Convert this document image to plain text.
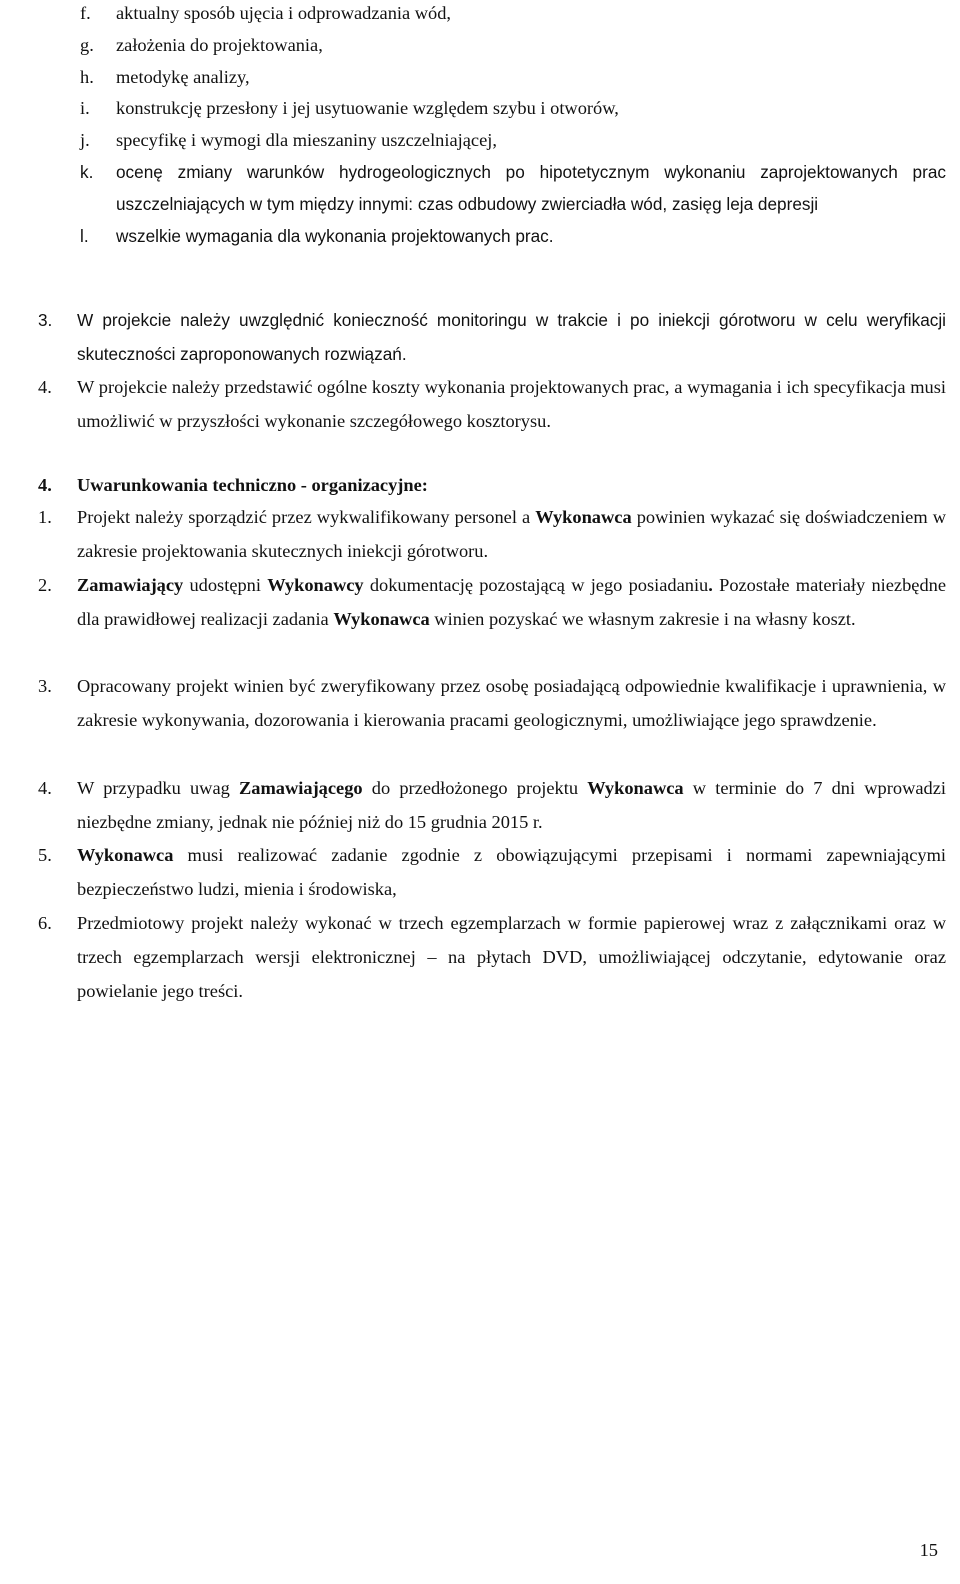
f. aktualny sposób ujęcia i odprowadzania wód,
g. założenia do projektowania,
h. metodykę analizy,
i. konstrukcję przesłony i jej usytuowanie względem szybu i otworów,
j. specyfikę i wymogi dla mieszaniny uszczelniającej,
k. ocenę zmiany warunków hydrogeologicznych po hipotetycznym wykonaniu zaprojektowanych prac uszczelniających w tym między innymi: czas odbudowy zwierciadła wód, zasięg leja depresji
l. wszelkie wymagania dla wykonania projektowanych prac.
3. W projekcie należy uwzględnić konieczność monitoringu w trakcie i po iniekcji górotworu w celu weryfikacji skuteczności zaproponowanych rozwiązań.
4. W projekcie należy przedstawić ogólne koszty wykonania projektowanych prac, a wymagania i ich specyfikacja musi umożliwić w przyszłości wykonanie szczegółowego kosztorysu.
4. Uwarunkowania techniczno - organizacyjne:
1. Projekt należy sporządzić przez wykwalifikowany personel a Wykonawca powinien wykazać się doświadczeniem w zakresie projektowania skutecznych iniekcji górotworu.
2. Zamawiający udostępni Wykonawcy dokumentację pozostającą w jego posiadaniu. Pozostałe materiały niezbędne dla prawidłowej realizacji zadania Wykonawca winien pozyskać we własnym zakresie i na własny koszt.
3. Opracowany projekt winien być zweryfikowany przez osobę posiadającą odpowiednie kwalifikacje i uprawnienia, w zakresie wykonywania, dozorowania i kierowania pracami geologicznymi, umożliwiające jego sprawdzenie.
4. W przypadku uwag Zamawiającego do przedłożonego projektu Wykonawca w terminie do 7 dni wprowadzi niezbędne zmiany, jednak nie później niż do 15 grudnia 2015 r.
5. Wykonawca musi realizować zadanie zgodnie z obowiązującymi przepisami i normami zapewniającymi bezpieczeństwo ludzi, mienia i środowiska,
6. Przedmiotowy projekt należy wykonać w trzech egzemplarzach w formie papierowej wraz z załącznikami oraz w trzech egzemplarzach wersji elektronicznej – na płytach DVD, umożliwiającej odczytanie, edytowanie oraz powielanie jego treści.
15
